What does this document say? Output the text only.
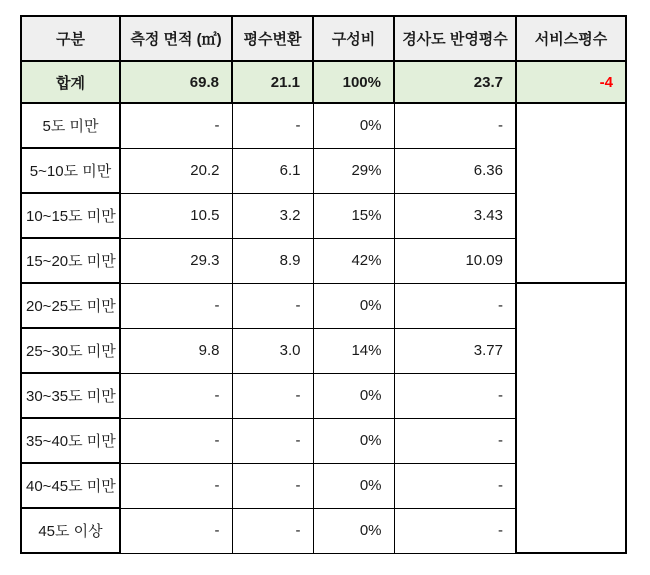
구분	측정 면적 (㎡)	평수변환	구성비	경사도 반영평수	서비스평수
합계	69.8	21.1	100%	23.7	-4
5도 미만	-	-	0%	-	최종
작업 평수
5~10도 미만	20.2	6.1	29%	6.36	
10~15도 미만	10.5	3.2	15%	3.43	
15~20도 미만	29.3	8.9	42%	10.09	
20~25도 미만	-	-	0%	-	20평
25~30도 미만	9.8	3.0	14%	3.77	
30~35도 미만	-	-	0%	-	
35~40도 미만	-	-	0%	-	
40~45도 미만	-	-	0%	-	
45도 이상	-	-	0%	-	
